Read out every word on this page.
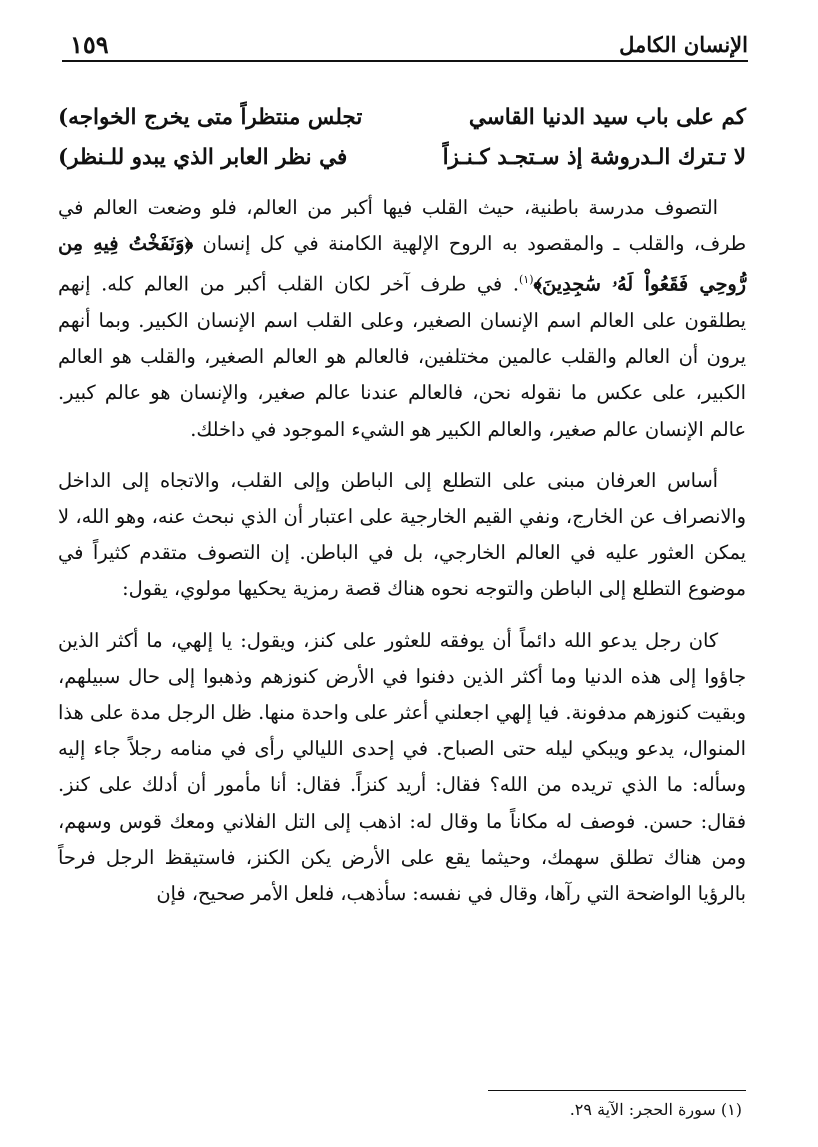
الإنسان الكامل
١٥٩
كم على باب سيد الدنيا القاسي
تجلس منتظراً متى يخرج الخواجه)
لا تـترك الـدروشة إذ سـتجـد كـنـزاً
في نظر العابر الذي يبدو للـنظر)

التصوف مدرسة باطنية، حيث القلب فيها أكبر من العالم، فلو وضعت العالم في طرف، والقلب ـ والمقصود به الروح الإلهية الكامنة في كل إنسان ﴿وَنَفَخْتُ فِيهِ مِن رُّوحِي فَقَعُواْ لَهُۥ سَٰجِدِينَ﴾$^{(١)}$. في طرف آخر لكان القلب أكبر من العالم كله. إنهم يطلقون على العالم اسم الإنسان الصغير، وعلى القلب اسم الإنسان الكبير. وبما أنهم يرون أن العالم والقلب عالمين مختلفين، فالعالم هو العالم الصغير، والقلب هو العالم الكبير، على عكس ما نقوله نحن، فالعالم عندنا عالم صغير، والإنسان هو عالم كبير. عالم الإنسان عالم صغير، والعالم الكبير هو الشيء الموجود في داخلك.

أساس العرفان مبنى على التطلع إلى الباطن وإلى القلب، والاتجاه إلى الداخل والانصراف عن الخارج، ونفي القيم الخارجية على اعتبار أن الذي نبحث عنه، وهو الله، لا يمكن العثور عليه في العالم الخارجي، بل في الباطن. إن التصوف متقدم كثيراً في موضوع التطلع إلى الباطن والتوجه نحوه هناك قصة رمزية يحكيها مولوي، يقول:

كان رجل يدعو الله دائماً أن يوفقه للعثور على كنز، ويقول: يا إلهي، ما أكثر الذين جاؤوا إلى هذه الدنيا وما أكثر الذين دفنوا في الأرض كنوزهم وذهبوا إلى حال سبيلهم، وبقيت كنوزهم مدفونة. فيا إلهي اجعلني أعثر على واحدة منها. ظل الرجل مدة على هذا المنوال، يدعو ويبكي ليله حتى الصباح. في إحدى الليالي رأى في منامه رجلاً جاء إليه وسأله: ما الذي تريده من الله؟ فقال: أريد كنزاً. فقال: أنا مأمور أن أدلك على كنز. فقال: حسن. فوصف له مكاناً ما وقال له: اذهب إلى التل الفلاني ومعك قوس وسهم، ومن هناك تطلق سهمك، وحيثما يقع على الأرض يكن الكنز، فاستيقظ الرجل فرحاً بالرؤيا الواضحة التي رآها، وقال في نفسه: سأذهب، فلعل الأمر صحيح، فإن

(١) سورة الحجر: الآية ٢٩.
